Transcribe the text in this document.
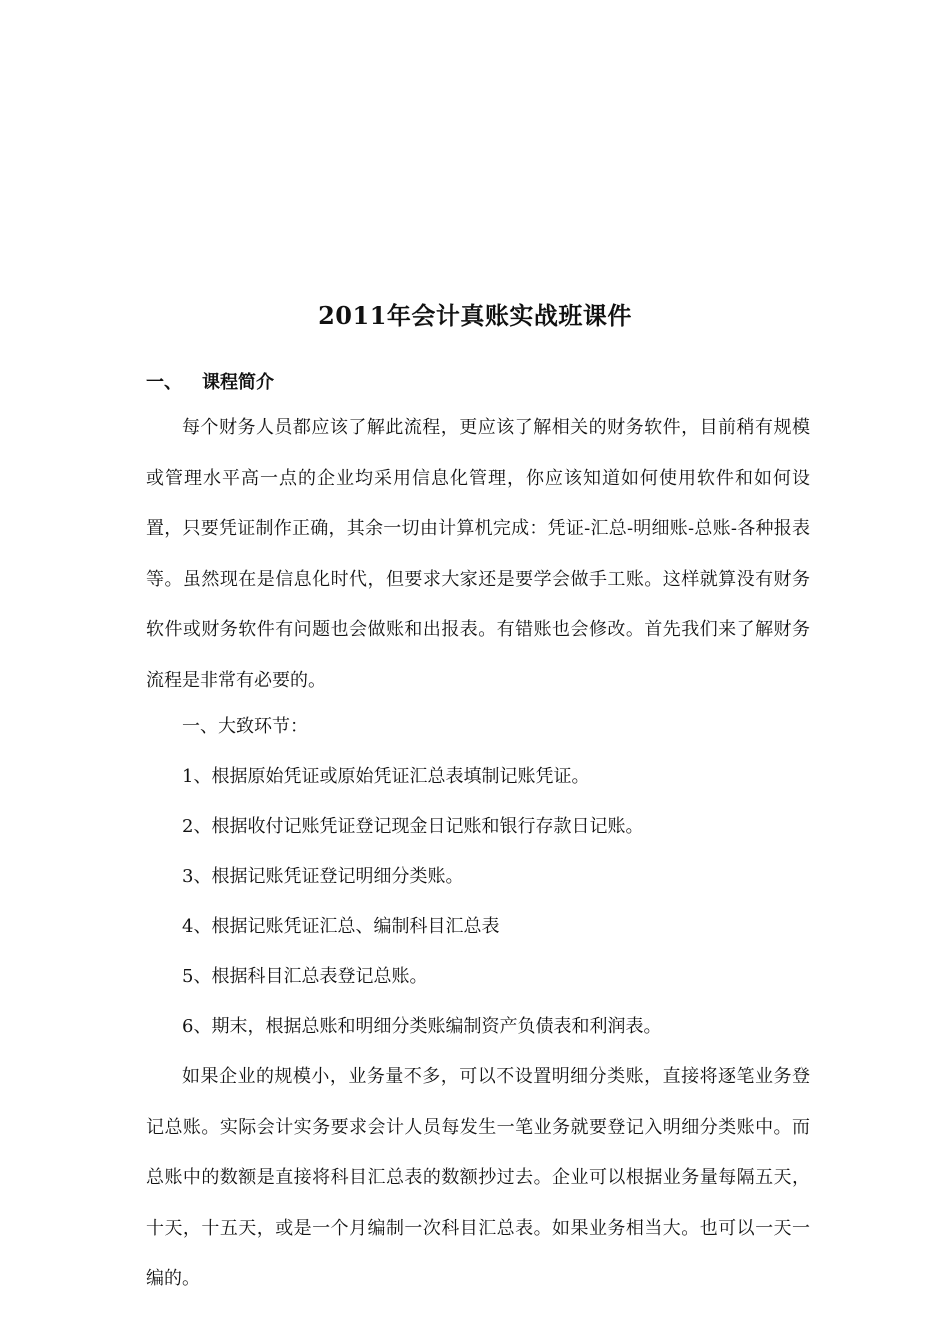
2011年会计真账实战班课件
一、 课程简介

每个财务人员都应该了解此流程，更应该了解相关的财务软件，目前稍有规模或管理水平高一点的企业均采用信息化管理，你应该知道如何使用软件和如何设置，只要凭证制作正确，其余一切由计算机完成：凭证-汇总-明细账-总账-各种报表等。虽然现在是信息化时代，但要求大家还是要学会做手工账。这样就算没有财务软件或财务软件有问题也会做账和出报表。有错账也会修改。首先我们来了解财务流程是非常有必要的。

一、大致环节：
1、根据原始凭证或原始凭证汇总表填制记账凭证。
2、根据收付记账凭证登记现金日记账和银行存款日记账。
3、根据记账凭证登记明细分类账。
4、根据记账凭证汇总、编制科目汇总表
5、根据科目汇总表登记总账。
6、期末，根据总账和明细分类账编制资产负债表和利润表。

如果企业的规模小，业务量不多，可以不设置明细分类账，直接将逐笔业务登记总账。实际会计实务要求会计人员每发生一笔业务就要登记入明细分类账中。而总账中的数额是直接将科目汇总表的数额抄过去。企业可以根据业务量每隔五天，十天，十五天，或是一个月编制一次科目汇总表。如果业务相当大。也可以一天一编的。
